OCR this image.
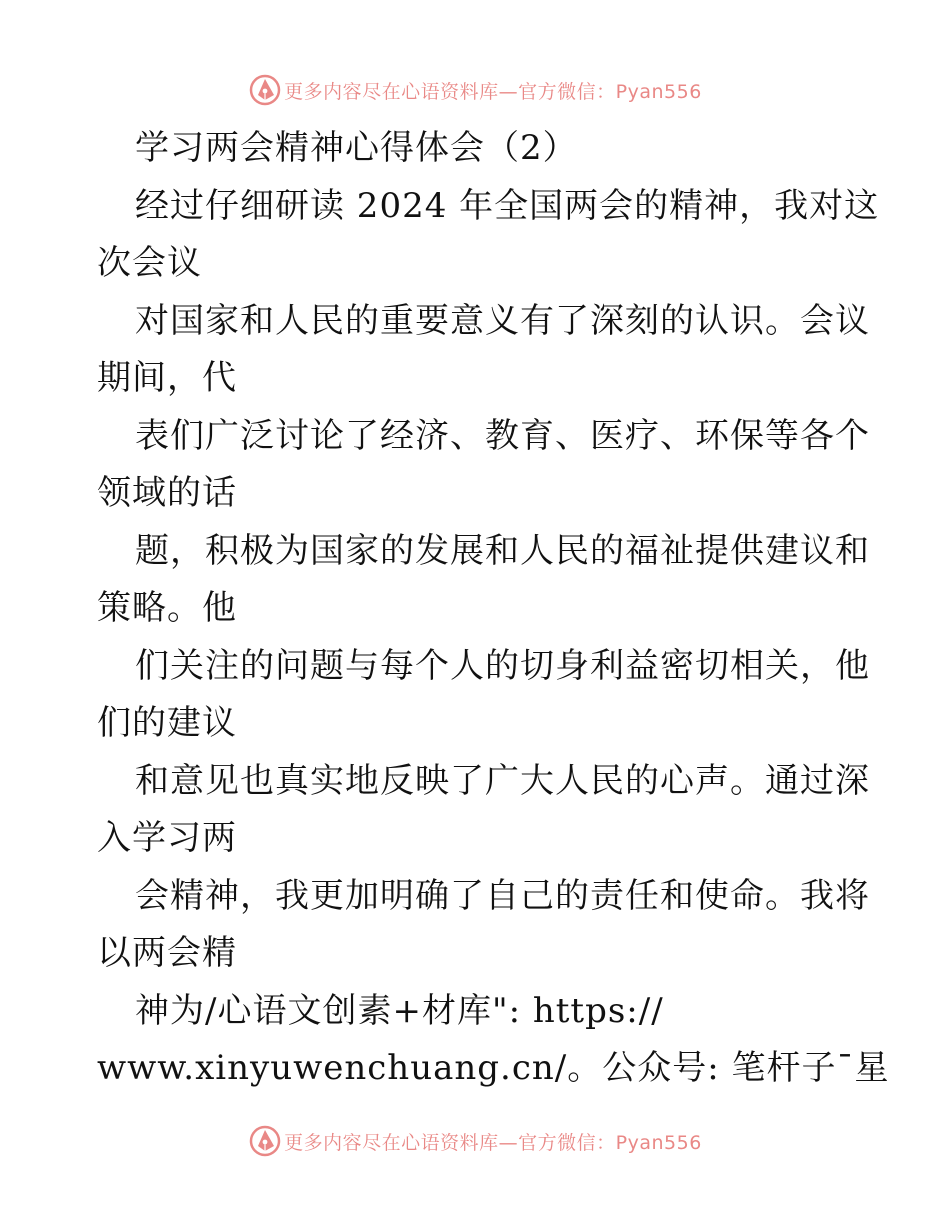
更多内容尽在心语资料库—官方微信：Pyan556
学习两会精神心得体会（2）
经过仔细研读 2024 年全国两会的精神，我对这
次会议
对国家和人民的重要意义有了深刻的认识。会议
期间，代
表们广泛讨论了经济、教育、医疗、环保等各个
领域的话
题，积极为国家的发展和人民的福祉提供建议和
策略。他
们关注的问题与每个人的切身利益密切相关，他
们的建议
和意见也真实地反映了广大人民的心声。通过深
入学习两
会精神，我更加明确了自己的责任和使命。我将
以两会精
神为/心语文创素+材库": https://
www.xinyuwenchuang.cn/。公众号: 笔杆子¯星
更多内容尽在心语资料库—官方微信：Pyan556
